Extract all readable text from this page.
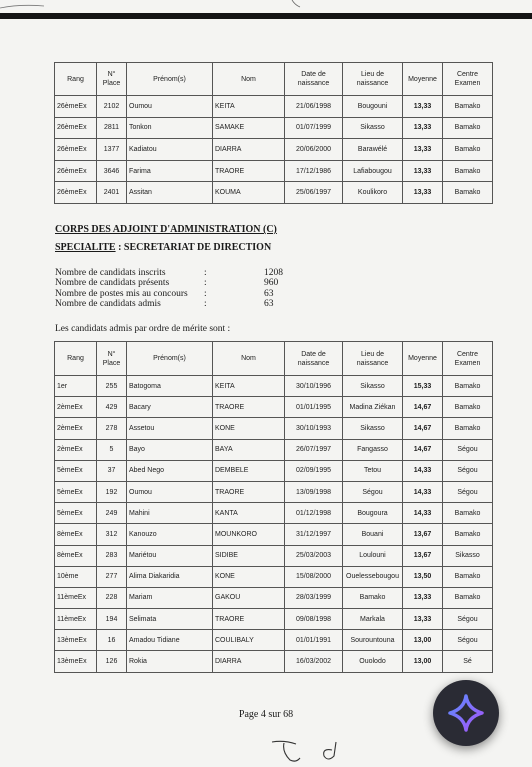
Rang	N° Place	Prénom(s)	Nom	Date de naissance	Lieu de naissance	Moyenne	Centre Examen
26èmeEx	2102	Oumou	KEITA	21/06/1998	Bougouni	13,33	Bamako
26èmeEx	2811	Tonkon	SAMAKE	01/07/1999	Sikasso	13,33	Bamako
26èmeEx	1377	Kadiatou	DIARRA	20/06/2000	Barawélé	13,33	Bamako
26èmeEx	3646	Farima	TRAORE	17/12/1986	Lafiabougou	13,33	Bamako
26èmeEx	2401	Assitan	KOUMA	25/06/1997	Koulikoro	13,33	Bamako

CORPS DES ADJOINT D'ADMINISTRATION (C)

SPECIALITE : SECRETARIAT DE DIRECTION

Nombre de candidats inscrits	:	1208
Nombre de candidats présents	:	960
Nombre de postes mis au concours	:	63
Nombre de candidats admis	:	63

Les candidats admis par ordre de mérite sont :

Rang	N° Place	Prénom(s)	Nom	Date de naissance	Lieu de naissance	Moyenne	Centre Examen
1er	255	Batogoma	KEITA	30/10/1996	Sikasso	15,33	Bamako
2èmeEx	429	Bacary	TRAORE	01/01/1995	Madina Ziékan	14,67	Bamako
2èmeEx	278	Assetou	KONE	30/10/1993	Sikasso	14,67	Bamako
2èmeEx	5	Bayo	BAYA	26/07/1997	Fangasso	14,67	Ségou
5èmeEx	37	Abed Nego	DEMBELE	02/09/1995	Tetou	14,33	Ségou
5èmeEx	192	Oumou	TRAORE	13/09/1998	Ségou	14,33	Ségou
5èmeEx	249	Mahini	KANTA	01/12/1998	Bougoura	14,33	Bamako
8èmeEx	312	Kanouzo	MOUNKORO	31/12/1997	Bouani	13,67	Bamako
8èmeEx	283	Mariétou	SIDIBE	25/03/2003	Loulouni	13,67	Sikasso
10ème	277	Alima Diakaridia	KONE	15/08/2000	Ouelessebougou	13,50	Bamako
11èmeEx	228	Mariam	GAKOU	28/03/1999	Bamako	13,33	Bamako
11èmeEx	194	Selimata	TRAORE	09/08/1998	Markala	13,33	Ségou
13èmeEx	16	Amadou Tidiane	COULIBALY	01/01/1991	Sourountouna	13,00	Ségou
13èmeEx	126	Rokia	DIARRA	16/03/2002	Ouolodo	13,00	Sé
Page 4 sur 68
